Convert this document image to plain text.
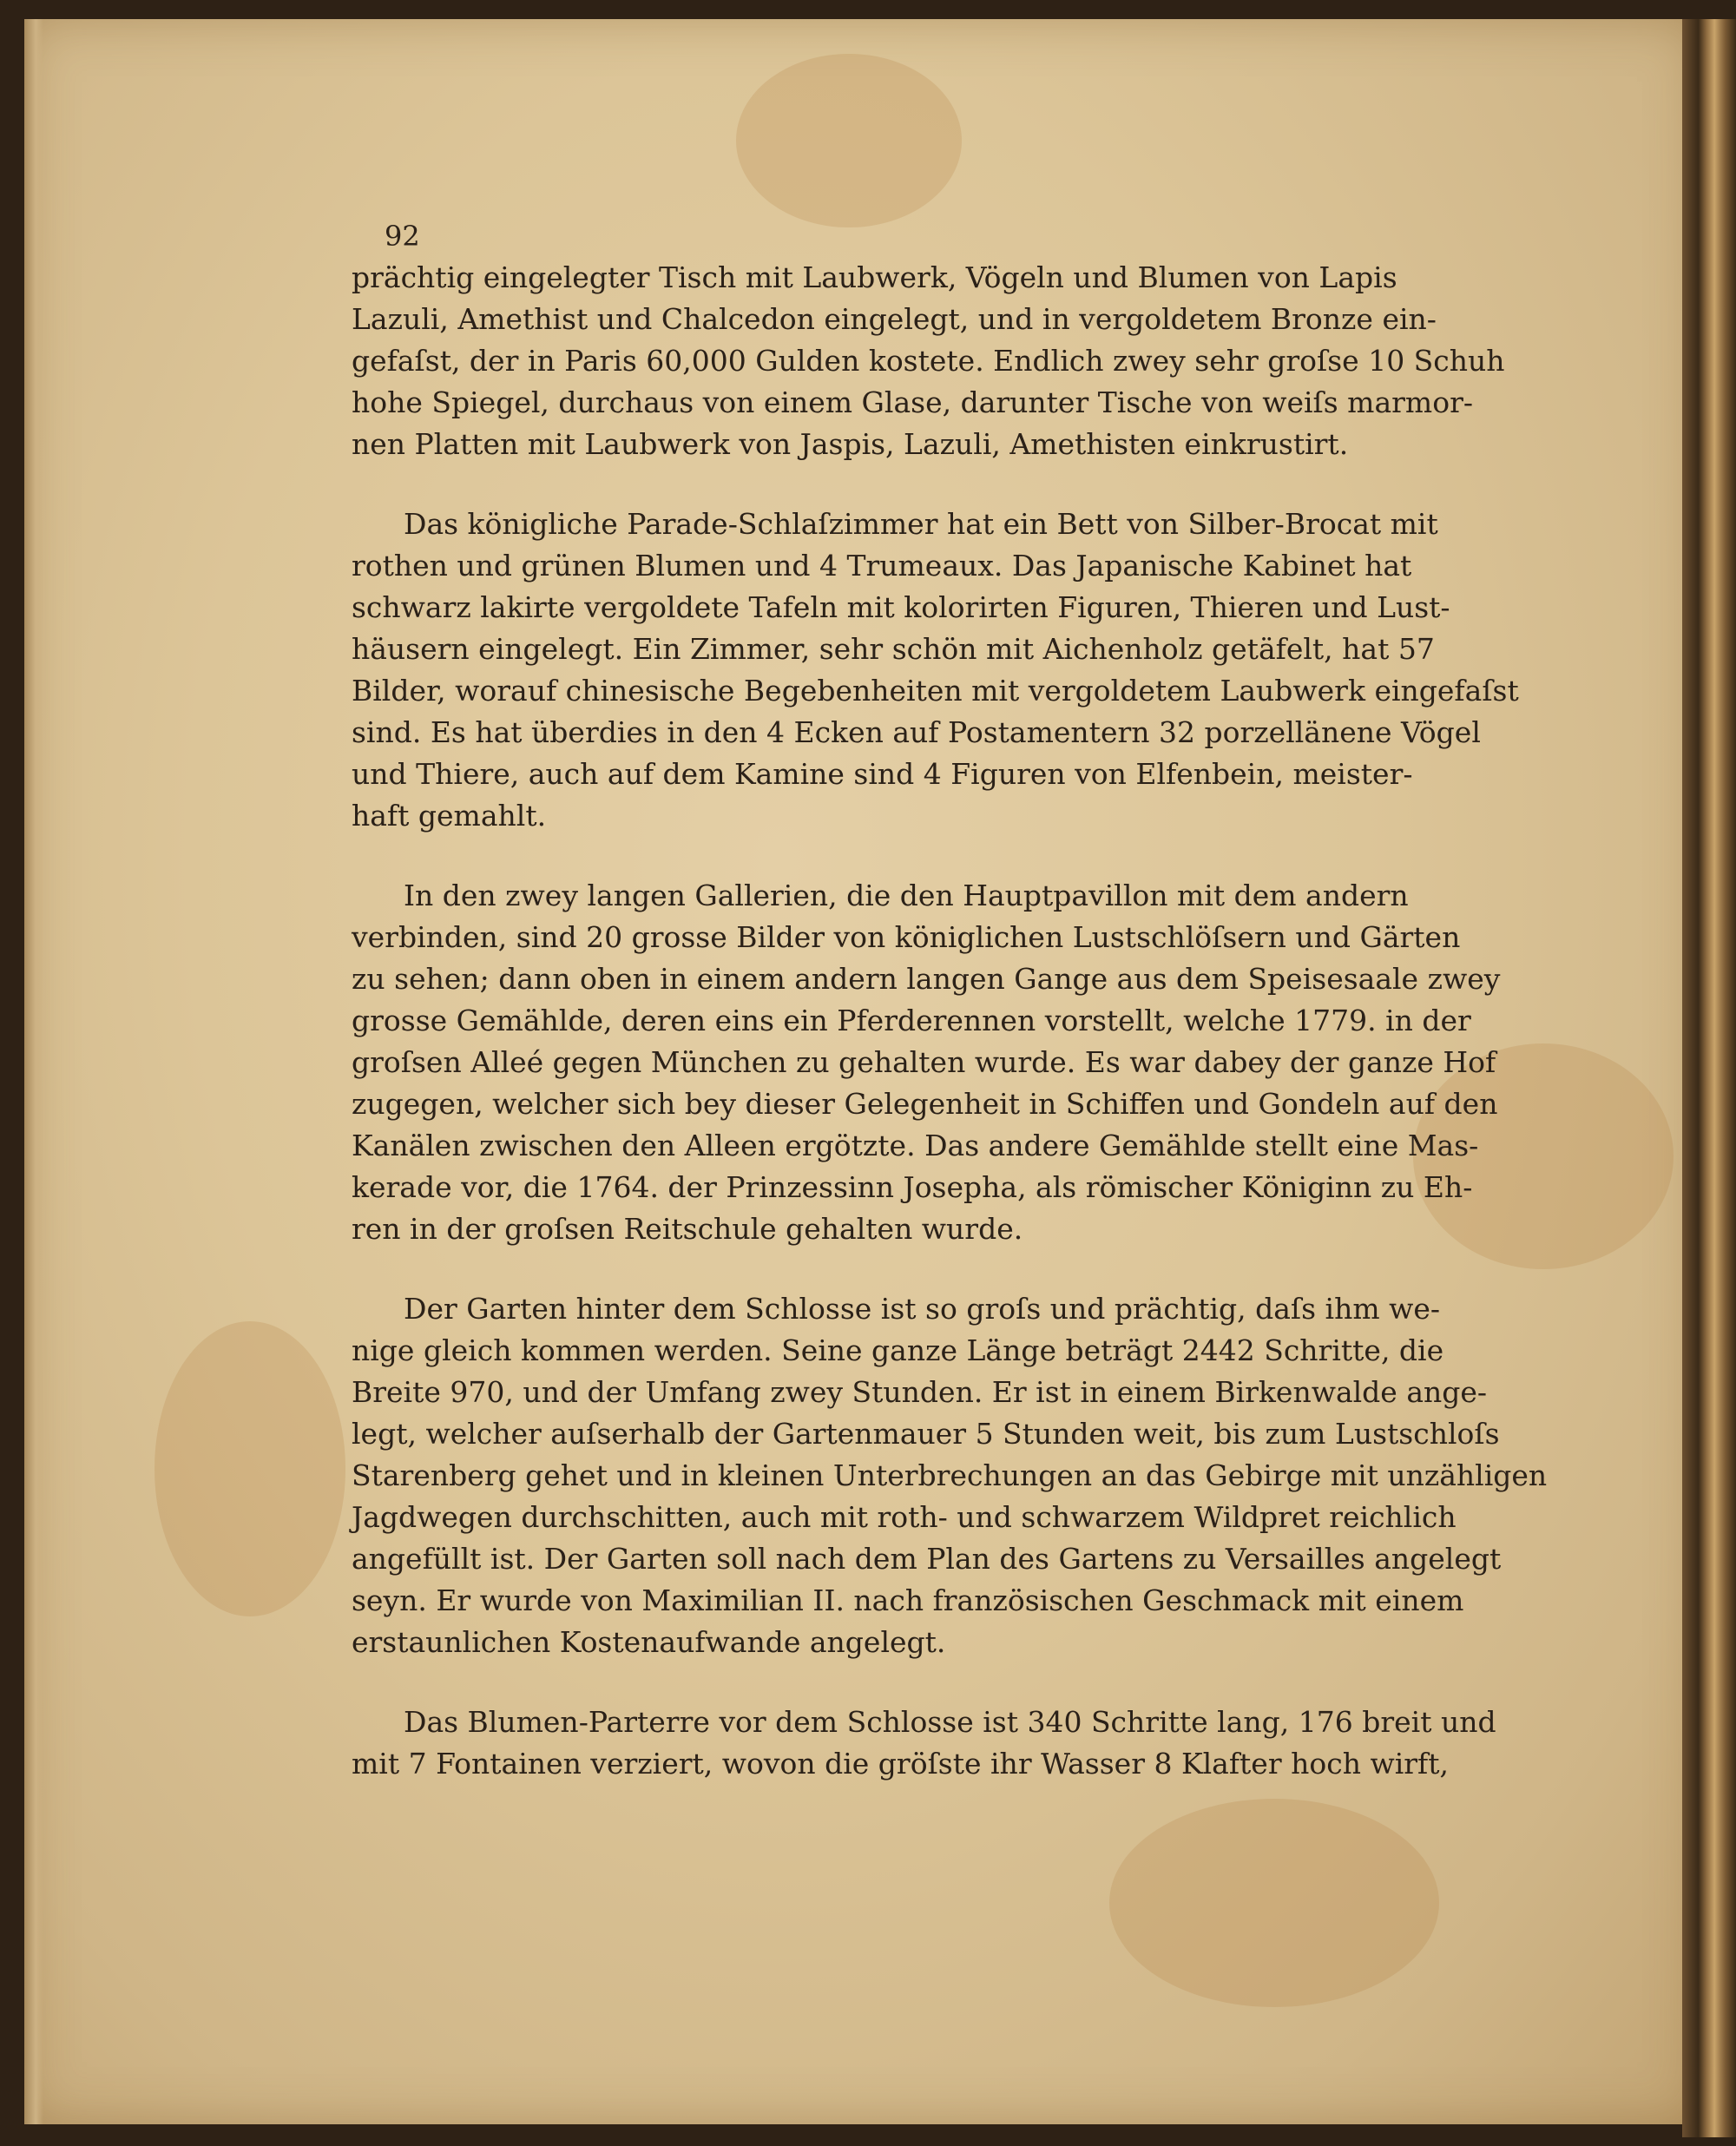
92
prächtig eingelegter Tisch mit Laubwerk, Vögeln und Blumen von Lapis
Lazuli, Amethist und Chalcedon eingelegt, und in vergoldetem Bronze ein-
gefaſst, der in Paris 60,000 Gulden kostete. Endlich zwey sehr groſse 10 Schuh
hohe Spiegel, durchaus von einem Glase, darunter Tische von weiſs marmor-
nen Platten mit Laubwerk von Jaspis, Lazuli, Amethisten einkrustirt.
Das königliche Parade-Schlaſzimmer hat ein Bett von Silber-Brocat mit
rothen und grünen Blumen und 4 Trumeaux. Das Japanische Kabinet hat
schwarz lakirte vergoldete Tafeln mit kolorirten Figuren, Thieren und Lust-
häusern eingelegt. Ein Zimmer, sehr schön mit Aichenholz getäfelt, hat 57
Bilder, worauf chinesische Begebenheiten mit vergoldetem Laubwerk eingefaſst
sind. Es hat überdies in den 4 Ecken auf Postamentern 32 porzellänene Vögel
und Thiere, auch auf dem Kamine sind 4 Figuren von Elfenbein, meister-
haft gemahlt.
In den zwey langen Gallerien, die den Hauptpavillon mit dem andern
verbinden, sind 20 grosse Bilder von königlichen Lustschlöſsern und Gärten
zu sehen; dann oben in einem andern langen Gange aus dem Speisesaale zwey
grosse Gemählde, deren eins ein Pferderennen vorstellt, welche 1779. in der
groſsen Alleé gegen München zu gehalten wurde. Es war dabey der ganze Hof
zugegen, welcher sich bey dieser Gelegenheit in Schiffen und Gondeln auf den
Kanälen zwischen den Alleen ergötzte. Das andere Gemählde stellt eine Mas-
kerade vor, die 1764. der Prinzessinn Josepha, als römischer Königinn zu Eh-
ren in der groſsen Reitschule gehalten wurde.
Der Garten hinter dem Schlosse ist so groſs und prächtig, daſs ihm we-
nige gleich kommen werden. Seine ganze Länge beträgt 2442 Schritte, die
Breite 970, und der Umfang zwey Stunden. Er ist in einem Birkenwalde ange-
legt, welcher auſserhalb der Gartenmauer 5 Stunden weit, bis zum Lustschloſs
Starenberg gehet und in kleinen Unterbrechungen an das Gebirge mit unzähligen
Jagdwegen durchschitten, auch mit roth- und schwarzem Wildpret reichlich
angefüllt ist. Der Garten soll nach dem Plan des Gartens zu Versailles angelegt
seyn. Er wurde von Maximilian II. nach französischen Geschmack mit einem
erstaunlichen Kostenaufwande angelegt.
Das Blumen-Parterre vor dem Schlosse ist 340 Schritte lang, 176 breit und
mit 7 Fontainen verziert, wovon die gröſste ihr Wasser 8 Klafter hoch wirft,
